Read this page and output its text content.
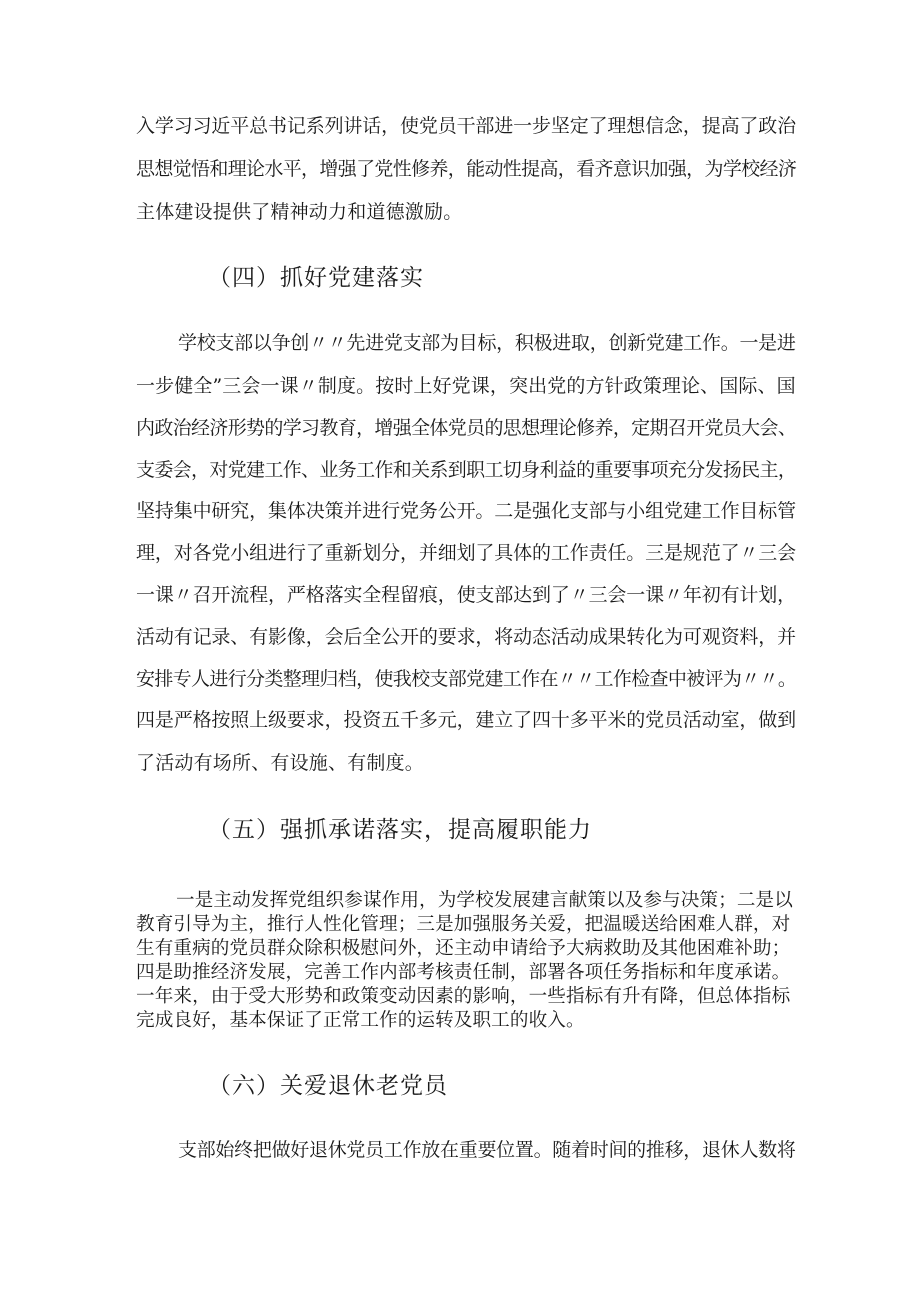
入学习习近平总书记系列讲话，使党员干部进一步坚定了理想信念，提高了政治
思想觉悟和理论水平，增强了党性修养，能动性提高，看齐意识加强，为学校经济
主体建设提供了精神动力和道德激励。
（四）抓好党建落实
学校支部以争创〃〃先进党支部为目标，积极进取，创新党建工作。一是进
一步健全”三会一课〃制度。按时上好党课，突出党的方针政策理论、国际、国
内政治经济形势的学习教育，增强全体党员的思想理论修养，定期召开党员大会、
支委会，对党建工作、业务工作和关系到职工切身利益的重要事项充分发扬民主，
坚持集中研究，集体决策并进行党务公开。二是强化支部与小组党建工作目标管
理，对各党小组进行了重新划分，并细划了具体的工作责任。三是规范了〃三会
一课〃召开流程，严格落实全程留痕，使支部达到了〃三会一课〃年初有计划，
活动有记录、有影像，会后全公开的要求，将动态活动成果转化为可观资料，并
安排专人进行分类整理归档，使我校支部党建工作在〃〃工作检查中被评为〃〃。
四是严格按照上级要求，投资五千多元，建立了四十多平米的党员活动室，做到
了活动有场所、有设施、有制度。
（五）强抓承诺落实，提高履职能力
一是主动发挥党组织参谋作用，为学校发展建言献策以及参与决策；二是以
教育引导为主，推行人性化管理；三是加强服务关爱，把温暖送给困难人群，对
生有重病的党员群众除积极慰问外，还主动申请给予大病救助及其他困难补助；
四是助推经济发展，完善工作内部考核责任制，部署各项任务指标和年度承诺。
一年来，由于受大形势和政策变动因素的影响，一些指标有升有降，但总体指标
完成良好，基本保证了正常工作的运转及职工的收入。
（六）关爱退休老党员
支部始终把做好退休党员工作放在重要位置。随着时间的推移，退休人数将
